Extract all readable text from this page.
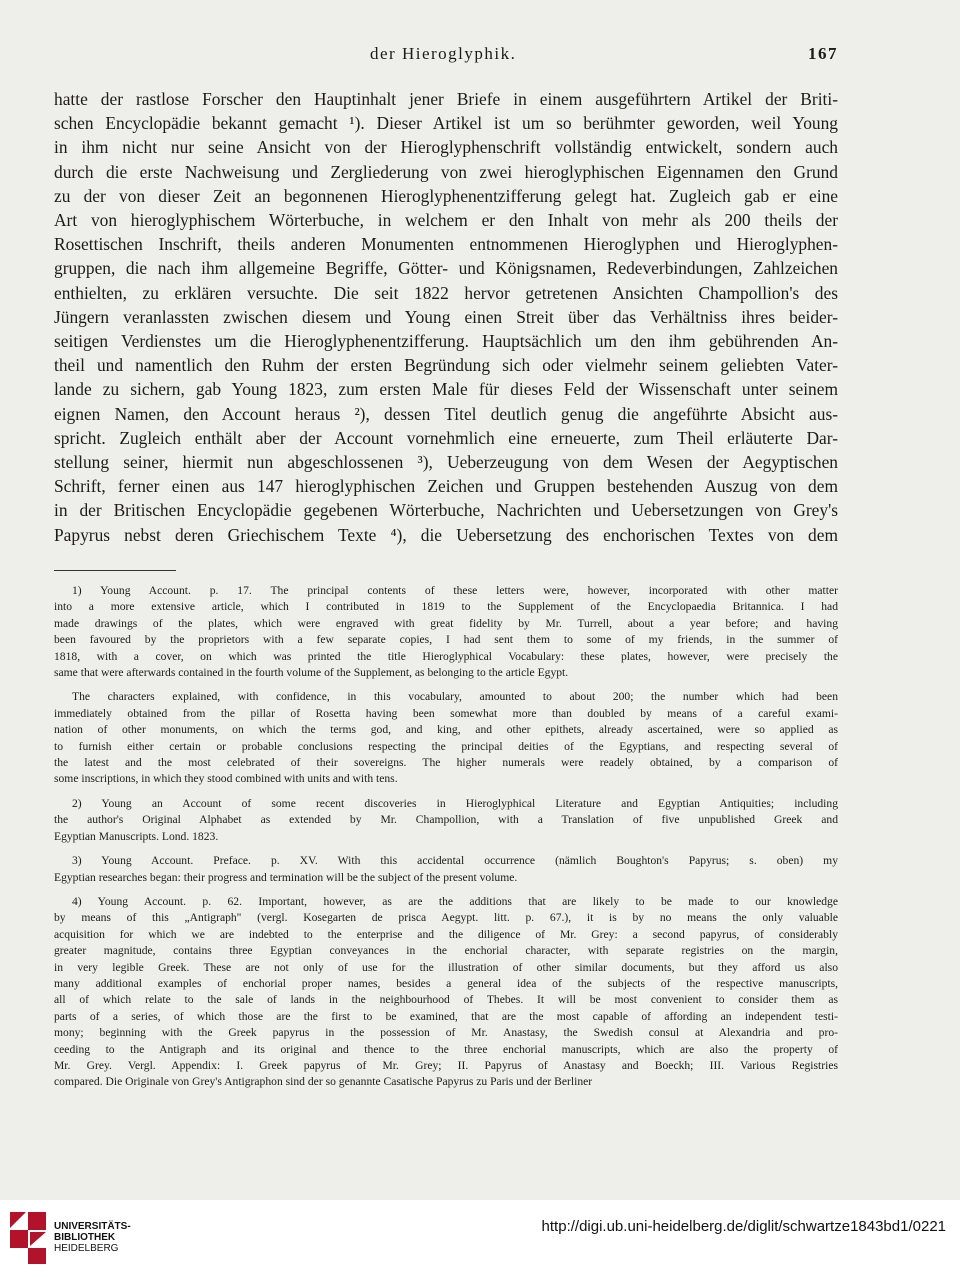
der Hieroglyphik.	167
hatte der rastlose Forscher den Hauptinhalt jener Briefe in einem ausgeführtern Artikel der Briti-
schen Encyclopädie bekannt gemacht ¹). Dieser Artikel ist um so berühmter geworden, weil Young
in ihm nicht nur seine Ansicht von der Hieroglyphenschrift vollständig entwickelt, sondern auch
durch die erste Nachweisung und Zergliederung von zwei hieroglyphischen Eigennamen den Grund
zu der von dieser Zeit an begonnenen Hieroglyphenentzifferung gelegt hat. Zugleich gab er eine
Art von hieroglyphischem Wörterbuche, in welchem er den Inhalt von mehr als 200 theils der
Rosettischen Inschrift, theils anderen Monumenten entnommenen Hieroglyphen und Hieroglyphen-
gruppen, die nach ihm allgemeine Begriffe, Götter- und Königsnamen, Redeverbindungen, Zahlzeichen
enthielten, zu erklären versuchte. Die seit 1822 hervor getretenen Ansichten Champollion's des
Jüngern veranlassten zwischen diesem und Young einen Streit über das Verhältniss ihres beider-
seitigen Verdienstes um die Hieroglyphenentzifferung. Hauptsächlich um den ihm gebührenden An-
theil und namentlich den Ruhm der ersten Begründung sich oder vielmehr seinem geliebten Vater-
lande zu sichern, gab Young 1823, zum ersten Male für dieses Feld der Wissenschaft unter seinem
eignen Namen, den Account heraus ²), dessen Titel deutlich genug die angeführte Absicht aus-
spricht. Zugleich enthält aber der Account vornehmlich eine erneuerte, zum Theil erläuterte Dar-
stellung seiner, hiermit nun abgeschlossenen ³), Ueberzeugung von dem Wesen der Aegyptischen
Schrift, ferner einen aus 147 hieroglyphischen Zeichen und Gruppen bestehenden Auszug von dem
in der Britischen Encyclopädie gegebenen Wörterbuche, Nachrichten und Uebersetzungen von Grey's
Papyrus nebst deren Griechischem Texte ⁴), die Uebersetzung des enchorischen Textes von dem
1) Young Account. p. 17. The principal contents of these letters were, however, incorporated with other matter
into a more extensive article, which I contributed in 1819 to the Supplement of the Encyclopaedia Britannica. I had
made drawings of the plates, which were engraved with great fidelity by Mr. Turrell, about a year before; and having
been favoured by the proprietors with a few separate copies, I had sent them to some of my friends, in the summer of
1818, with a cover, on which was printed the title Hieroglyphical Vocabulary: these plates, however, were precisely the
same that were afterwards contained in the fourth volume of the Supplement, as belonging to the article Egypt.
The characters explained, with confidence, in this vocabulary, amounted to about 200; the number which had been
immediately obtained from the pillar of Rosetta having been somewhat more than doubled by means of a careful exami-
nation of other monuments, on which the terms god, and king, and other epithets, already ascertained, were so applied as
to furnish either certain or probable conclusions respecting the principal deities of the Egyptians, and respecting several of
the latest and the most celebrated of their sovereigns. The higher numerals were readely obtained, by a comparison of
some inscriptions, in which they stood combined with units and with tens.
2) Young an Account of some recent discoveries in Hieroglyphical Literature and Egyptian Antiquities; including
the author's Original Alphabet as extended by Mr. Champollion, with a Translation of five unpublished Greek and
Egyptian Manuscripts. Lond. 1823.
3) Young Account. Preface. p. XV. With this accidental occurrence (nämlich Boughton's Papyrus; s. oben) my
Egyptian researches began: their progress and termination will be the subject of the present volume.
4) Young Account. p. 62. Important, however, as are the additions that are likely to be made to our knowledge
by means of this „Antigraph" (vergl. Kosegarten de prisca Aegypt. litt. p. 67.), it is by no means the only valuable
acquisition for which we are indebted to the enterprise and the diligence of Mr. Grey: a second papyrus, of considerably
greater magnitude, contains three Egyptian conveyances in the enchorial character, with separate registries on the margin,
in very legible Greek. These are not only of use for the illustration of other similar documents, but they afford us also
many additional examples of enchorial proper names, besides a general idea of the subjects of the respective manuscripts,
all of which relate to the sale of lands in the neighbourhood of Thebes. It will be most convenient to consider them as
parts of a series, of which those are the first to be examined, that are the most capable of affording an independent testi-
mony; beginning with the Greek papyrus in the possession of Mr. Anastasy, the Swedish consul at Alexandria and pro-
ceeding to the Antigraph and its original and thence to the three enchorial manuscripts, which are also the property of
Mr. Grey. Vergl. Appendix: I. Greek papyrus of Mr. Grey; II. Papyrus of Anastasy and Boeckh; III. Various Registries
compared. Die Originale von Grey's Antigraphon sind der so genannte Casatische Papyrus zu Paris und der Berliner
UNIVERSITÄTS-
BIBLIOTHEK
HEIDELBERG
http://digi.ub.uni-heidelberg.de/diglit/schwartze1843bd1/0221
